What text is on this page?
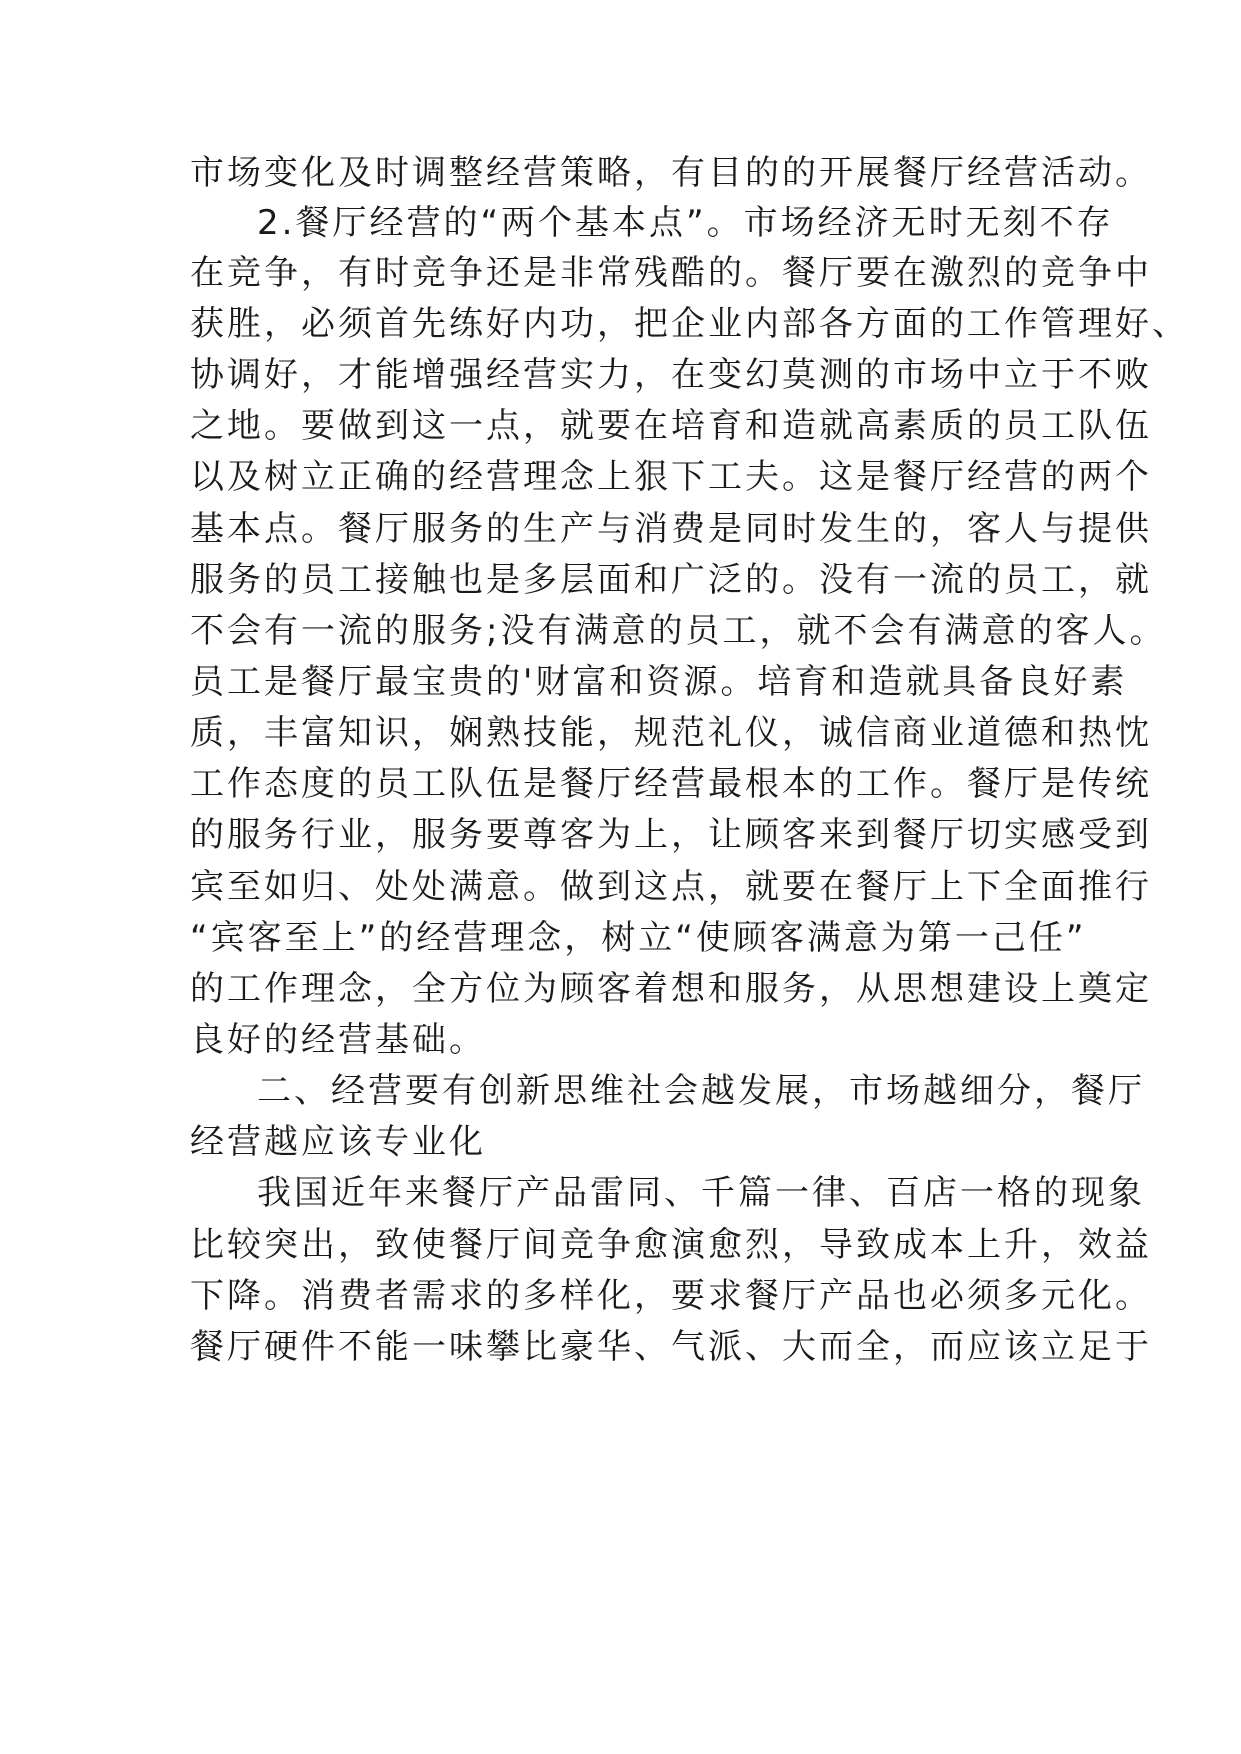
市场变化及时调整经营策略，有目的的开展餐厅经营活动。
2.餐厅经营的“两个基本点”。市场经济无时无刻不存
在竞争，有时竞争还是非常残酷的。餐厅要在激烈的竞争中
获胜，必须首先练好内功，把企业内部各方面的工作管理好、
协调好，才能增强经营实力，在变幻莫测的市场中立于不败
之地。要做到这一点，就要在培育和造就高素质的员工队伍
以及树立正确的经营理念上狠下工夫。这是餐厅经营的两个
基本点。餐厅服务的生产与消费是同时发生的，客人与提供
服务的员工接触也是多层面和广泛的。没有一流的员工，就
不会有一流的服务;没有满意的员工，就不会有满意的客人。
员工是餐厅最宝贵的'财富和资源。培育和造就具备良好素
质，丰富知识，娴熟技能，规范礼仪，诚信商业道德和热忱
工作态度的员工队伍是餐厅经营最根本的工作。餐厅是传统
的服务行业，服务要尊客为上，让顾客来到餐厅切实感受到
宾至如归、处处满意。做到这点，就要在餐厅上下全面推行
“宾客至上”的经营理念，树立“使顾客满意为第一己任”
的工作理念，全方位为顾客着想和服务，从思想建设上奠定
良好的经营基础。
二、经营要有创新思维社会越发展，市场越细分，餐厅
经营越应该专业化
我国近年来餐厅产品雷同、千篇一律、百店一格的现象
比较突出，致使餐厅间竞争愈演愈烈，导致成本上升，效益
下降。消费者需求的多样化，要求餐厅产品也必须多元化。
餐厅硬件不能一味攀比豪华、气派、大而全，而应该立足于
